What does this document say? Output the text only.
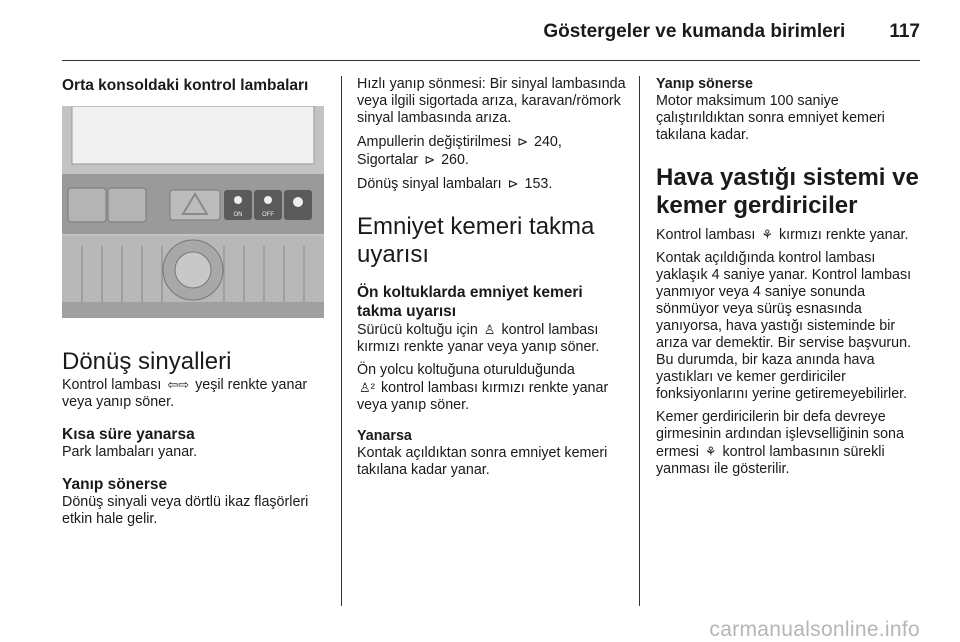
Göstergeler ve kumanda birimleri 117

Orta konsoldaki kontrol lambaları

ON	OFF

Dönüş sinyalleri

Kontrol lambası ⇦⇨ yeşil renkte yanar veya yanıp söner.

Kısa süre yanarsa

Park lambaları yanar.

Yanıp sönerse

Dönüş sinyali veya dörtlü ikaz flaşörleri etkin hale gelir.

Hızlı yanıp sönmesi: Bir sinyal lambasında veya ilgili sigortada arıza, karavan/römork sinyal lambasında arıza.

Ampullerin değiştirilmesi ⊳ 240,
Sigortalar ⊳ 260.

Dönüş sinyal lambaları ⊳ 153.

Emniyet kemeri takma uyarısı

Ön koltuklarda emniyet kemeri takma uyarısı

Sürücü koltuğu için ♙ kontrol lambası kırmızı renkte yanar veya yanıp söner.

Ön yolcu koltuğuna oturulduğunda
♙² kontrol lambası kırmızı renkte yanar veya yanıp söner.

Yanarsa

Kontak açıldıktan sonra emniyet kemeri takılana kadar yanar.

Yanıp sönerse

Motor maksimum 100 saniye çalıştırıldıktan sonra emniyet kemeri takılana kadar.

Hava yastığı sistemi ve kemer gerdiriciler

Kontrol lambası ⚘ kırmızı renkte yanar.

Kontak açıldığında kontrol lambası yaklaşık 4 saniye yanar. Kontrol lambası yanmıyor veya 4 saniye sonunda sönmüyor veya sürüş esnasında yanıyorsa, hava yastığı sisteminde bir arıza var demektir. Bir servise başvurun. Bu durumda, bir kaza anında hava yastıkları ve kemer gerdiriciler fonksiyonlarını yerine getiremeyebilirler.

Kemer gerdiricilerin bir defa devreye girmesinin ardından işlevselliğinin sona ermesi ⚘ kontrol lambasının sürekli yanması ile gösterilir.

carmanualsonline.info
